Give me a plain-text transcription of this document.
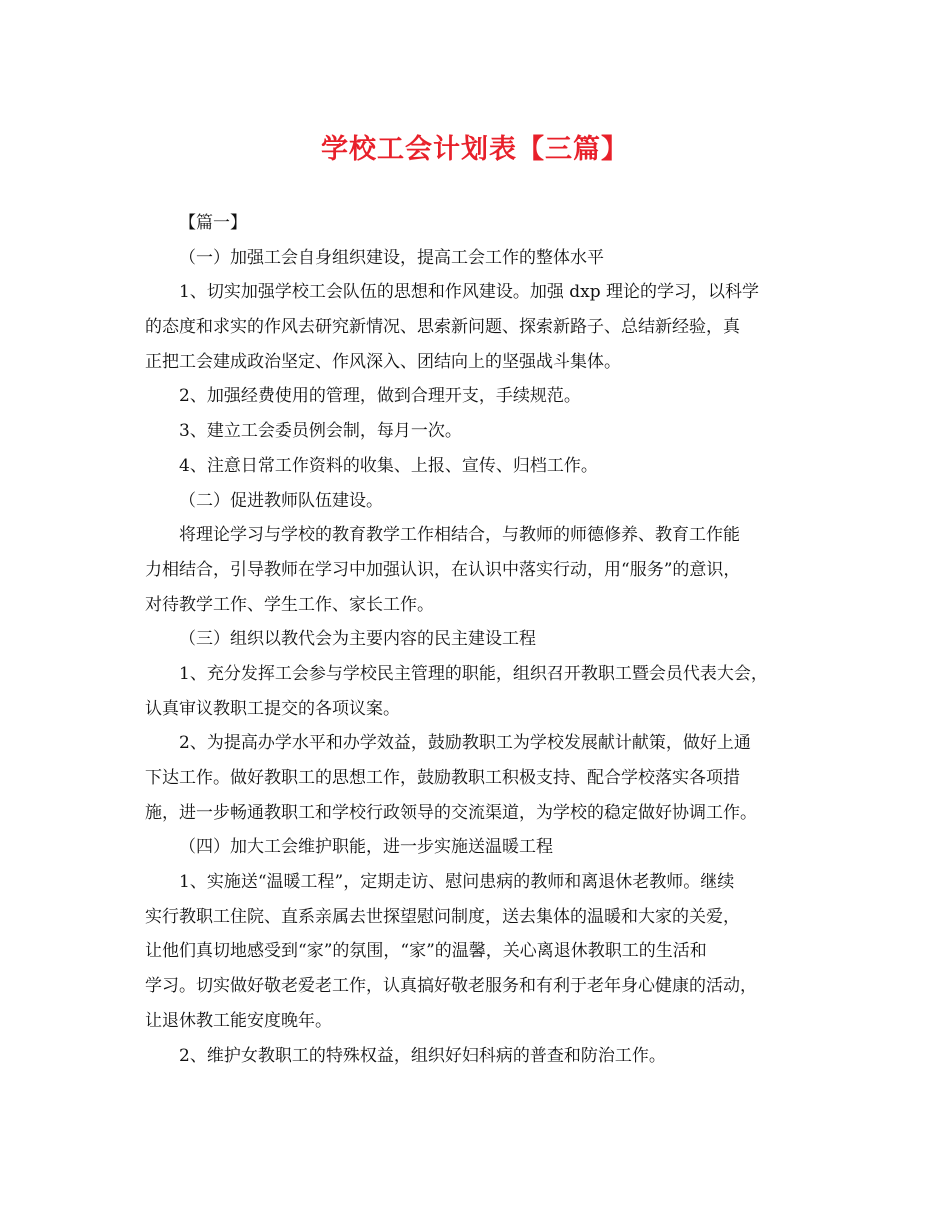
学校工会计划表【三篇】
【篇一】
（一）加强工会自身组织建设，提高工会工作的整体水平
1、切实加强学校工会队伍的思想和作风建设。加强 dxp 理论的学习，以科学
的态度和求实的作风去研究新情况、思索新问题、探索新路子、总结新经验，真
正把工会建成政治坚定、作风深入、团结向上的坚强战斗集体。
2、加强经费使用的管理，做到合理开支，手续规范。
3、建立工会委员例会制，每月一次。
4、注意日常工作资料的收集、上报、宣传、归档工作。
（二）促进教师队伍建设。
将理论学习与学校的教育教学工作相结合，与教师的师德修养、教育工作能
力相结合，引导教师在学习中加强认识，在认识中落实行动，用“服务”的意识，
对待教学工作、学生工作、家长工作。
（三）组织以教代会为主要内容的民主建设工程
1、充分发挥工会参与学校民主管理的职能，组织召开教职工暨会员代表大会，
认真审议教职工提交的各项议案。
2、为提高办学水平和办学效益，鼓励教职工为学校发展献计献策，做好上通
下达工作。做好教职工的思想工作，鼓励教职工积极支持、配合学校落实各项措
施，进一步畅通教职工和学校行政领导的交流渠道，为学校的稳定做好协调工作。
（四）加大工会维护职能，进一步实施送温暖工程
1、实施送“温暖工程”，定期走访、慰问患病的教师和离退休老教师。继续
实行教职工住院、直系亲属去世探望慰问制度，送去集体的温暖和大家的关爱，
让他们真切地感受到“家”的氛围，“家”的温馨，关心离退休教职工的生活和
学习。切实做好敬老爱老工作，认真搞好敬老服务和有利于老年身心健康的活动，
让退休教工能安度晚年。
2、维护女教职工的特殊权益，组织好妇科病的普查和防治工作。
